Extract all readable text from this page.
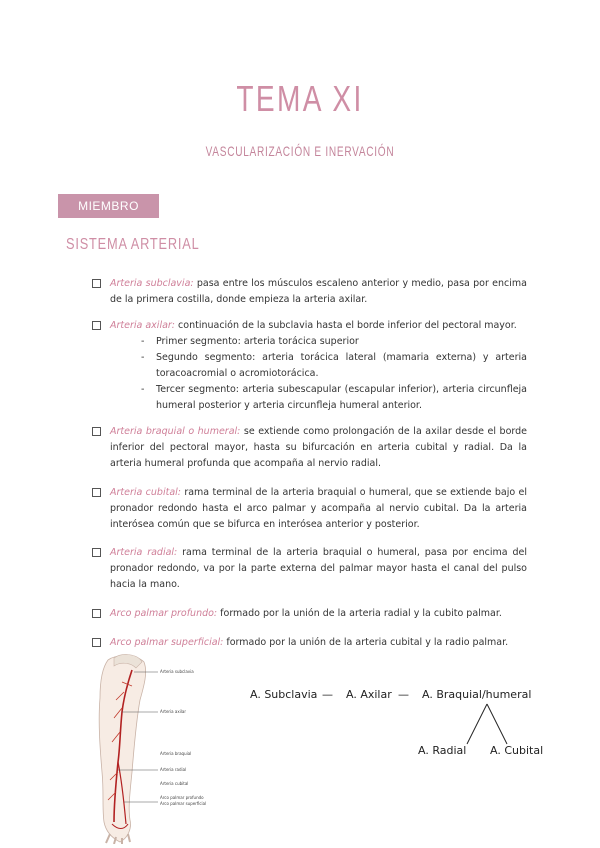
TEMA XI
VASCULARIZACIÓN E INERVACIÓN
MIEMBRO SUPERIOR
SISTEMA ARTERIAL
Arteria subclavia: pasa entre los músculos escaleno anterior y medio, pasa por encima de la primera costilla, donde empieza la arteria axilar.
Arteria axilar: continuación de la subclavia hasta el borde inferior del pectoral mayor.
- Primer segmento: arteria torácica superior
- Segundo segmento: arteria torácica lateral (mamaria externa) y arteria toracoacromial o acromiotorácica.
- Tercer segmento: arteria subescapular (escapular inferior), arteria circunfleja humeral posterior y arteria circunfleja humeral anterior.
Arteria braquial o humeral: se extiende como prolongación de la axilar desde el borde inferior del pectoral mayor, hasta su bifurcación en arteria cubital y radial. Da la arteria humeral profunda que acompaña al nervio radial.
Arteria cubital: rama terminal de la arteria braquial o humeral, que se extiende bajo el pronador redondo hasta el arco palmar y acompaña al nervio cubital. Da la arteria interósea común que se bifurca en interósea anterior y posterior.
Arteria radial: rama terminal de la arteria braquial o humeral, pasa por encima del pronador redondo, va por la parte externa del palmar mayor hasta el canal del pulso hacia la mano.
Arco palmar profundo: formado por la unión de la arteria radial y la cubito palmar.
Arco palmar superficial: formado por la unión de la arteria cubital y la radio palmar.
Arteria subclavia
Arteria axilar
Arteria braquial
Arteria radial
Arteria cubital
Arco palmar profundo
Arco palmar superficial
A. Subclavia — A. Axilar — A. Braquial/humeral
A. Radial A. Cubital
